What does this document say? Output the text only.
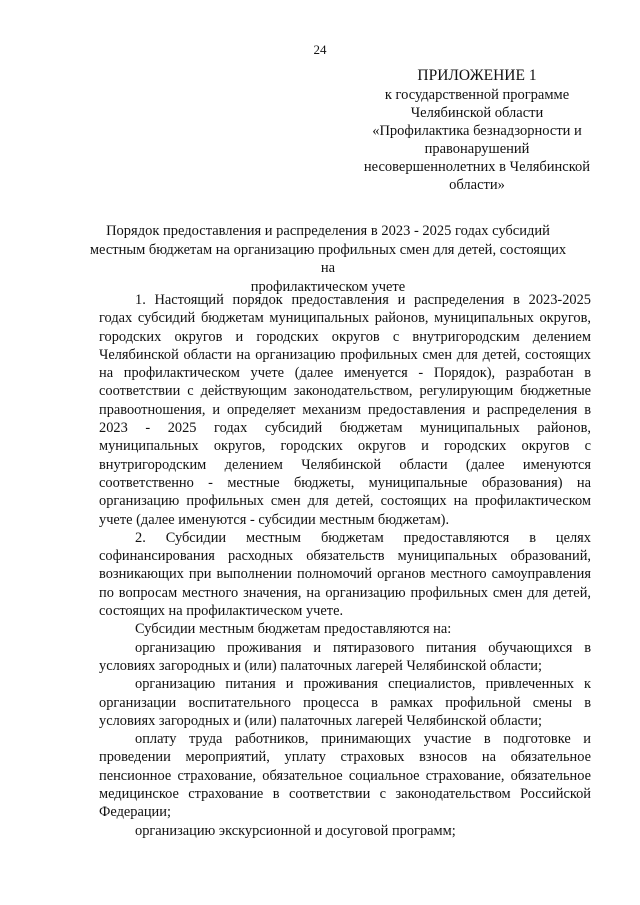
24
ПРИЛОЖЕНИЕ 1
к государственной программе
Челябинской области
«Профилактика безнадзорности и
правонарушений
несовершеннолетних в Челябинской
области»
Порядок предоставления и распределения в 2023 - 2025 годах субсидий
местным бюджетам на организацию профильных смен для детей, состоящих на
профилактическом учете

1. Настоящий порядок предоставления и распределения в 2023-2025 годах субсидий бюджетам муниципальных районов, муниципальных округов, городских округов и городских округов с внутригородским делением Челябинской области на организацию профильных смен для детей, состоящих на профилактическом учете (далее именуется - Порядок), разработан в соответствии с действующим законодательством, регулирующим бюджетные правоотношения, и определяет механизм предоставления и распределения в 2023 - 2025 годах субсидий бюджетам муниципальных районов, муниципальных округов, городских округов и городских округов с внутригородским делением Челябинской области (далее именуются соответственно - местные бюджеты, муниципальные образования) на организацию профильных смен для детей, состоящих на профилактическом учете (далее именуются - субсидии местным бюджетам).

2. Субсидии местным бюджетам предоставляются в целях софинансирования расходных обязательств муниципальных образований, возникающих при выполнении полномочий органов местного самоуправления по вопросам местного значения, на организацию профильных смен для детей, состоящих на профилактическом учете.

Субсидии местным бюджетам предоставляются на:

организацию проживания и пятиразового питания обучающихся в условиях загородных и (или) палаточных лагерей Челябинской области;

организацию питания и проживания специалистов, привлеченных к организации воспитательного процесса в рамках профильной смены в условиях загородных и (или) палаточных лагерей Челябинской области;

оплату труда работников, принимающих участие в подготовке и проведении мероприятий, уплату страховых взносов на обязательное пенсионное страхование, обязательное социальное страхование, обязательное медицинское страхование в соответствии с законодательством Российской Федерации;

организацию экскурсионной и досуговой программ;
